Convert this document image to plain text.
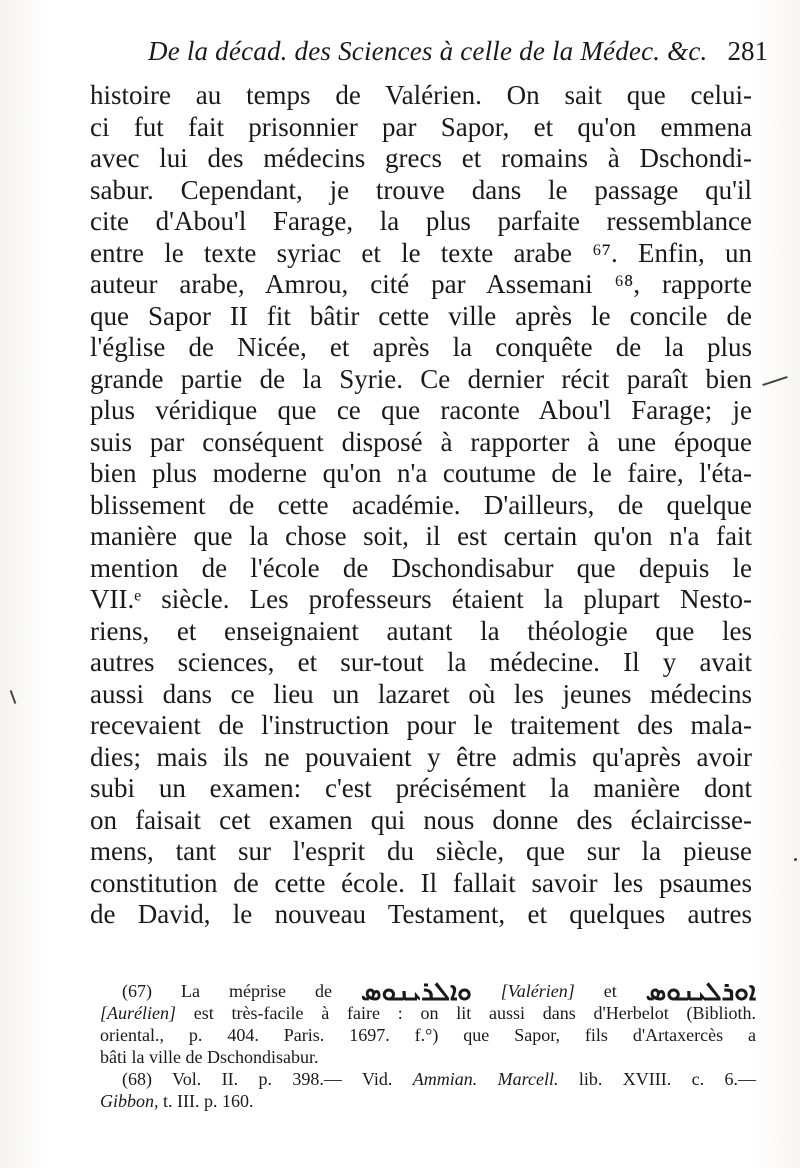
De la décad. des Sciences à celle de la Médec. &c. 281
histoire au temps de Valérien. On sait que celui-
ci fut fait prisonnier par Sapor, et qu'on emmena
avec lui des médecins grecs et romains à Dschondi-
sabur. Cependant, je trouve dans le passage qu'il
cite d'Abou'l Farage, la plus parfaite ressemblance
entre le texte syriac et le texte arabe ⁶⁷. Enfin, un
auteur arabe, Amrou, cité par Assemani ⁶⁸, rapporte
que Sapor II fit bâtir cette ville après le concile de
l'église de Nicée, et après la conquête de la plus
grande partie de la Syrie. Ce dernier récit paraît bien
plus véridique que ce que raconte Abou'l Farage; je
suis par conséquent disposé à rapporter à une époque
bien plus moderne qu'on n'a coutume de le faire, l'éta-
blissement de cette académie. D'ailleurs, de quelque
manière que la chose soit, il est certain qu'on n'a fait
mention de l'école de Dschondisabur que depuis le
VII.ᵉ siècle. Les professeurs étaient la plupart Nesto-
riens, et enseignaient autant la théologie que les
autres sciences, et sur-tout la médecine. Il y avait
aussi dans ce lieu un lazaret où les jeunes médecins
recevaient de l'instruction pour le traitement des mala-
dies; mais ils ne pouvaient y être admis qu'après avoir
subi un examen: c'est précisément la manière dont
on faisait cet examen qui nous donne des éclaircisse-
mens, tant sur l'esprit du siècle, que sur la pieuse
constitution de cette école. Il fallait savoir les psaumes
de David, le nouveau Testament, et quelques autres
(67) La méprise de ܘܐܠܪܝܢܘܣ [Valérien] et ܐܘܪܠܝܢܘܣ
[Aurélien] est très-facile à faire : on lit aussi dans d'Herbelot (Biblioth.
oriental., p. 404. Paris. 1697. f.°) que Sapor, fils d'Artaxercès a
bâti la ville de Dschondisabur.
(68) Vol. II. p. 398.— Vid. Ammian. Marcell. lib. XVIII. c. 6.—
Gibbon, t. III. p. 160.
